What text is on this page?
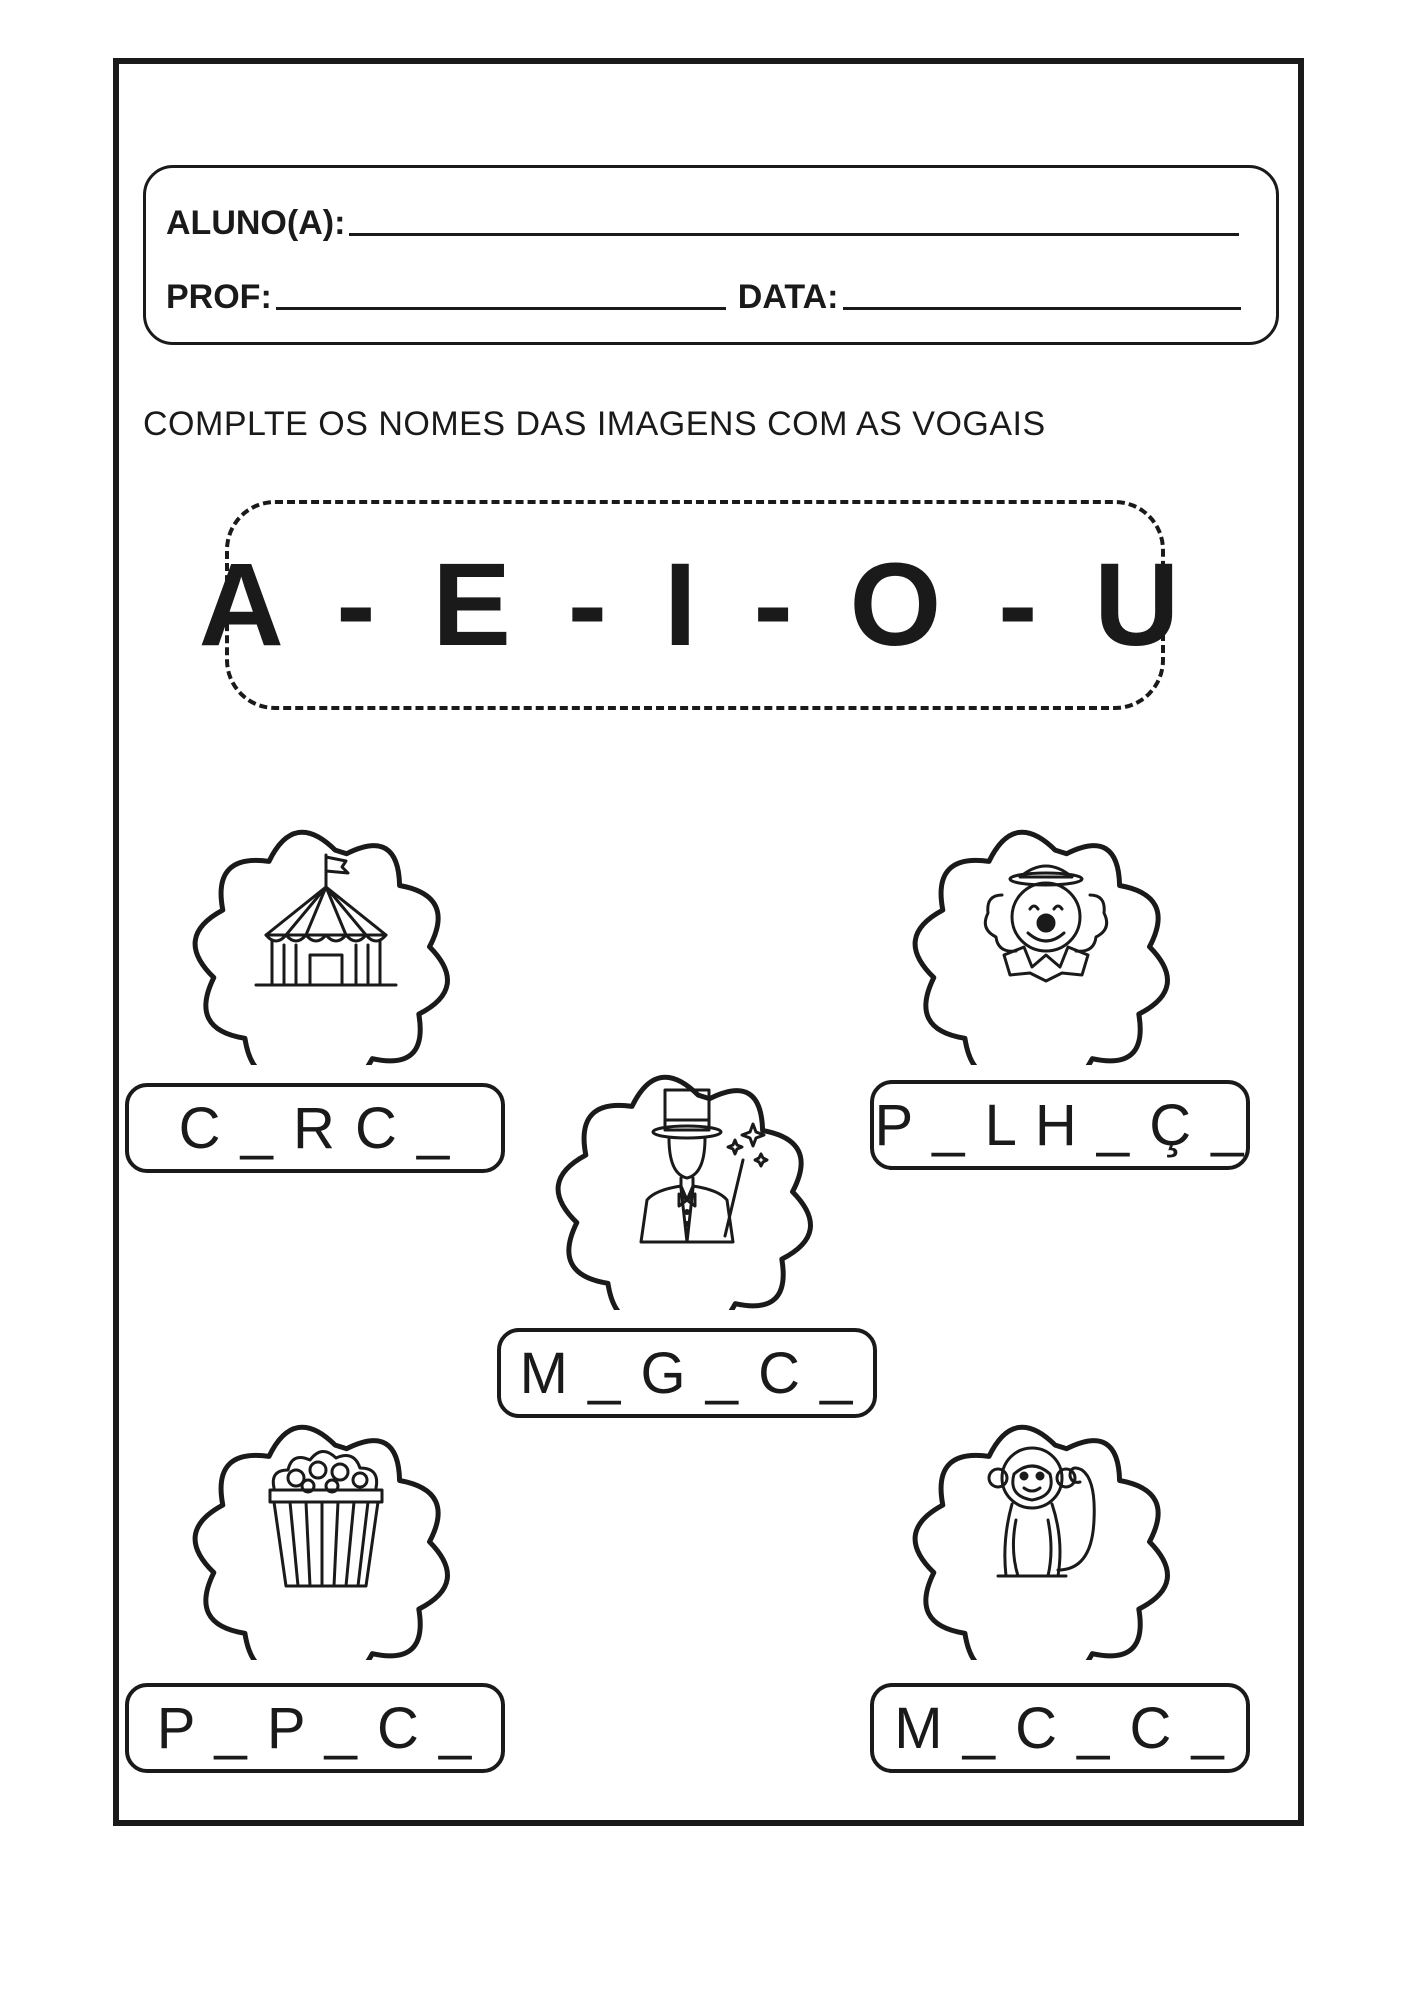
ALUNO(A):
PROF:	DATA:
COMPLTE OS NOMES DAS IMAGENS COM AS VOGAIS
A - E - I - O - U
C _ R C _	P _ L H _ Ç _
M _ G _ C _
P _ P _ C _	M _ C _ C _
